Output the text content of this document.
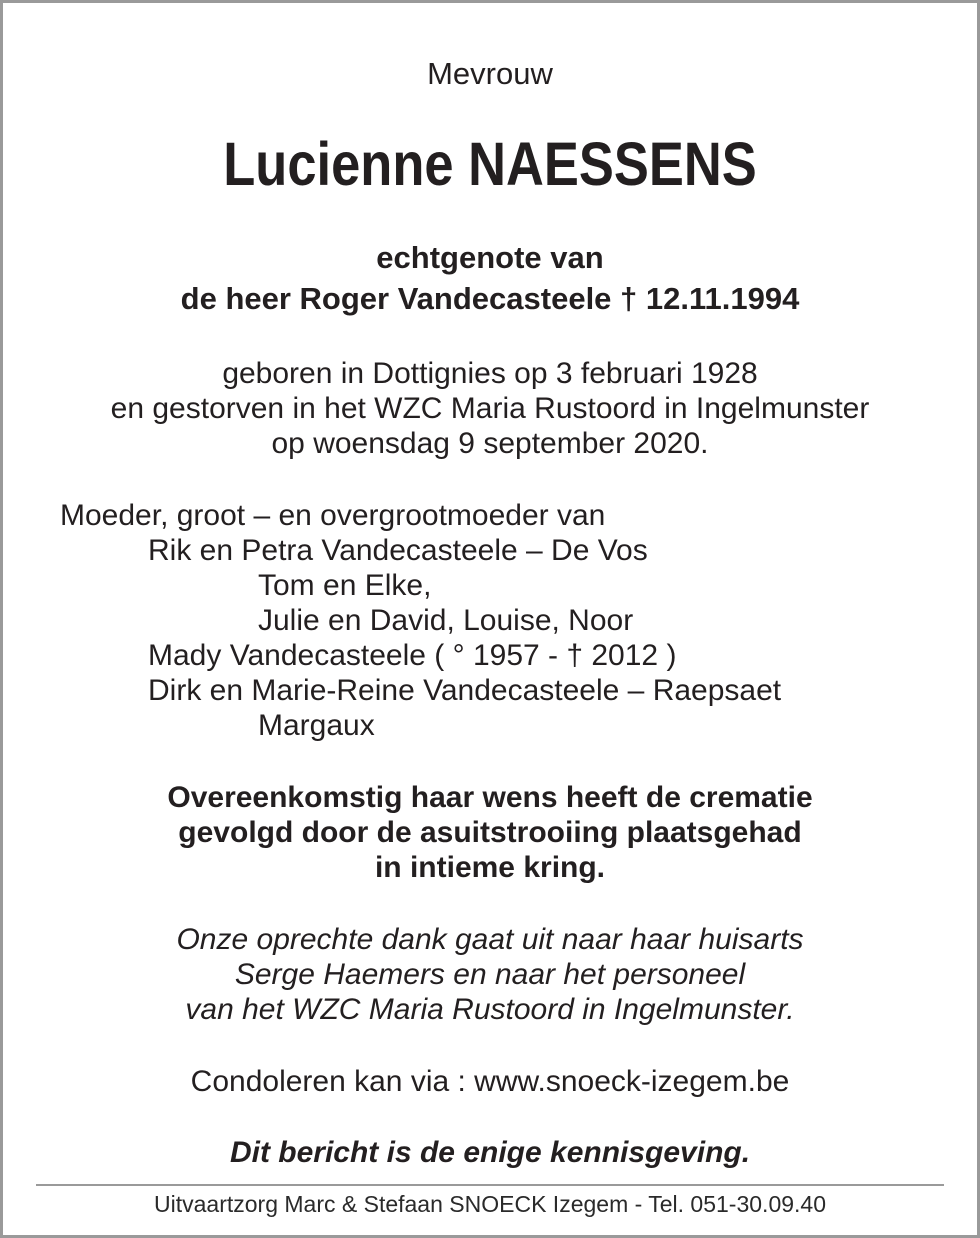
Mevrouw
Lucienne NAESSENS
echtgenote van
de heer Roger Vandecasteele † 12.11.1994
geboren in Dottignies op 3 februari 1928
en gestorven in het WZC Maria Rustoord in Ingelmunster
op woensdag 9 september 2020.
Moeder, groot – en overgrootmoeder van
Rik en Petra Vandecasteele – De Vos
Tom en Elke,
Julie en David, Louise, Noor
Mady Vandecasteele ( ° 1957 - † 2012 )
Dirk en Marie-Reine Vandecasteele – Raepsaet
Margaux
Overeenkomstig haar wens heeft de crematie
gevolgd door de asuitstrooiing plaatsgehad
in intieme kring.
Onze oprechte dank gaat uit naar haar huisarts
Serge Haemers en naar het personeel
van het WZC Maria Rustoord in Ingelmunster.
Condoleren kan via : www.snoeck-izegem.be
Dit bericht is de enige kennisgeving.
Uitvaartzorg Marc & Stefaan SNOECK Izegem - Tel. 051-30.09.40
